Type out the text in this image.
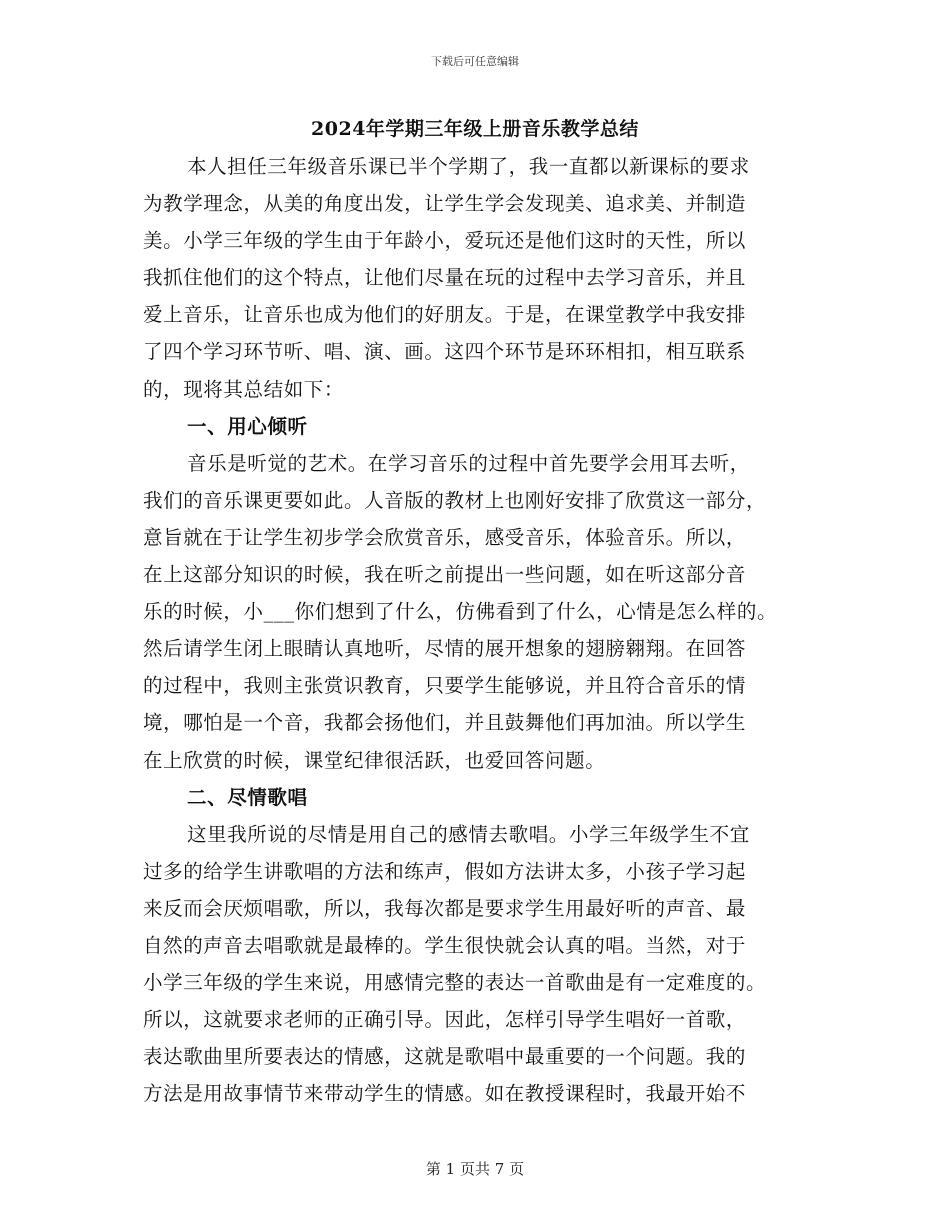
下载后可任意编辑
2024年学期三年级上册音乐教学总结
本人担任三年级音乐课已半个学期了，我一直都以新课标的要求
为教学理念，从美的角度出发，让学生学会发现美、追求美、并制造
美。小学三年级的学生由于年龄小，爱玩还是他们这时的天性，所以
我抓住他们的这个特点，让他们尽量在玩的过程中去学习音乐，并且
爱上音乐，让音乐也成为他们的好朋友。于是，在课堂教学中我安排
了四个学习环节听、唱、演、画。这四个环节是环环相扣，相互联系
的，现将其总结如下：
一、用心倾听
音乐是听觉的艺术。在学习音乐的过程中首先要学会用耳去听，
我们的音乐课更要如此。人音版的教材上也刚好安排了欣赏这一部分，
意旨就在于让学生初步学会欣赏音乐，感受音乐，体验音乐。所以，
在上这部分知识的时候，我在听之前提出一些问题，如在听这部分音
乐的时候，小___你们想到了什么，仿佛看到了什么，心情是怎么样的。
然后请学生闭上眼睛认真地听，尽情的展开想象的翅膀翱翔。在回答
的过程中，我则主张赏识教育，只要学生能够说，并且符合音乐的情
境，哪怕是一个音，我都会扬他们，并且鼓舞他们再加油。所以学生
在上欣赏的时候，课堂纪律很活跃，也爱回答问题。
二、尽情歌唱
这里我所说的尽情是用自己的感情去歌唱。小学三年级学生不宜
过多的给学生讲歌唱的方法和练声，假如方法讲太多，小孩子学习起
来反而会厌烦唱歌，所以，我每次都是要求学生用最好听的声音、最
自然的声音去唱歌就是最棒的。学生很快就会认真的唱。当然，对于
小学三年级的学生来说，用感情完整的表达一首歌曲是有一定难度的。
所以，这就要求老师的正确引导。因此，怎样引导学生唱好一首歌，
表达歌曲里所要表达的情感，这就是歌唱中最重要的一个问题。我的
方法是用故事情节来带动学生的情感。如在教授课程时，我最开始不
第 1 页共 7 页
